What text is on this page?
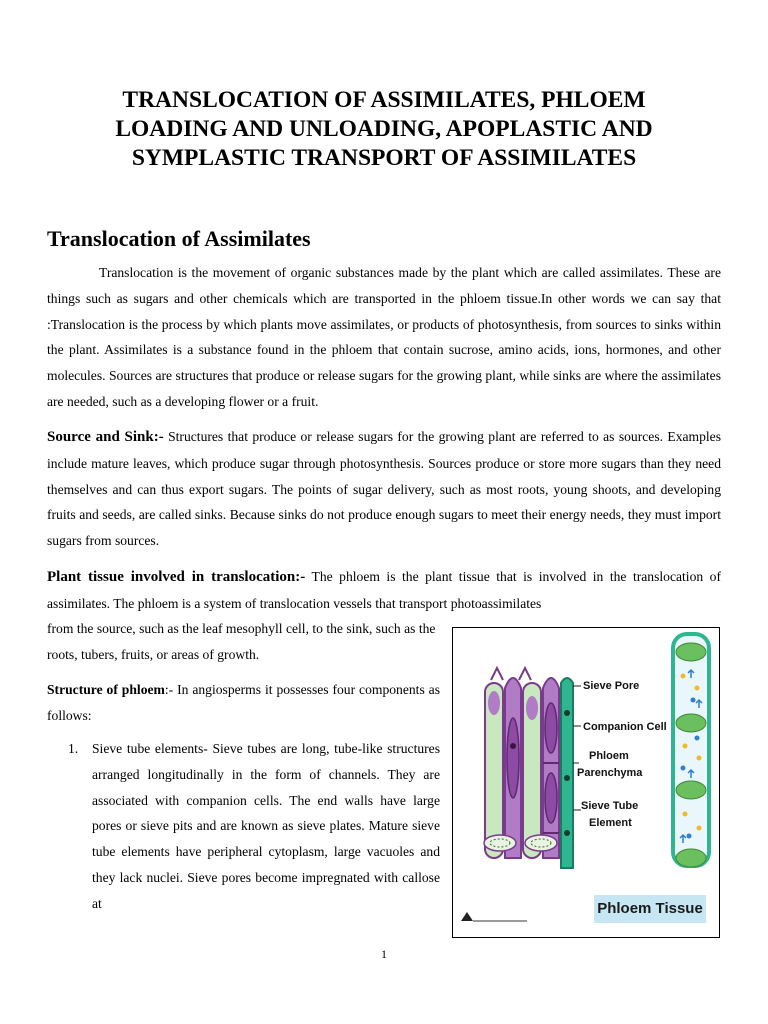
TRANSLOCATION OF ASSIMILATES, PHLOEM
LOADING AND UNLOADING, APOPLASTIC AND
SYMPLASTIC TRANSPORT OF ASSIMILATES
Translocation of Assimilates

Translocation is the movement of organic substances made by the plant which are called assimilates. These are things such as sugars and other chemicals which are transported in the phloem tissue.In other words we can say that :Translocation is the process by which plants move assimilates, or products of photosynthesis, from sources to sinks within the plant. Assimilates is a substance found in the phloem that contain sucrose, amino acids, ions, hormones, and other molecules. Sources are structures that produce or release sugars for the growing plant, while sinks are where the assimilates are needed, such as a developing flower or a fruit.

Source and Sink:- Structures that produce or release sugars for the growing plant are referred to as sources. Examples include mature leaves, which produce sugar through photosynthesis. Sources produce or store more sugars than they need themselves and can thus export sugars. The points of sugar delivery, such as most roots, young shoots, and developing fruits and seeds, are called sinks. Because sinks do not produce enough sugars to meet their energy needs, they must import sugars from sources.

Plant tissue involved in translocation:- The phloem is the plant tissue that is involved in the translocation of assimilates. The phloem is a system of translocation vessels that transport photoassimilates

from the source, such as the leaf mesophyll cell, to the sink, such as the roots, tubers, fruits, or areas of growth.

Structure of phloem:- In angiosperms it possesses four components as follows:

1.	Sieve tube elements- Sieve tubes are long, tube-like structures arranged longitudinally in the form of channels. They are associated with companion cells. The end walls have large pores or sieve pits and are known as sieve plates. Mature sieve tube elements have peripheral cytoplasm, large vacuoles and they lack nuclei. Sieve pores become impregnated with callose at
Sieve Pore
Companion Cell
Phloem
Parenchyma
Sieve Tube
Element
Phloem Tissue
1
